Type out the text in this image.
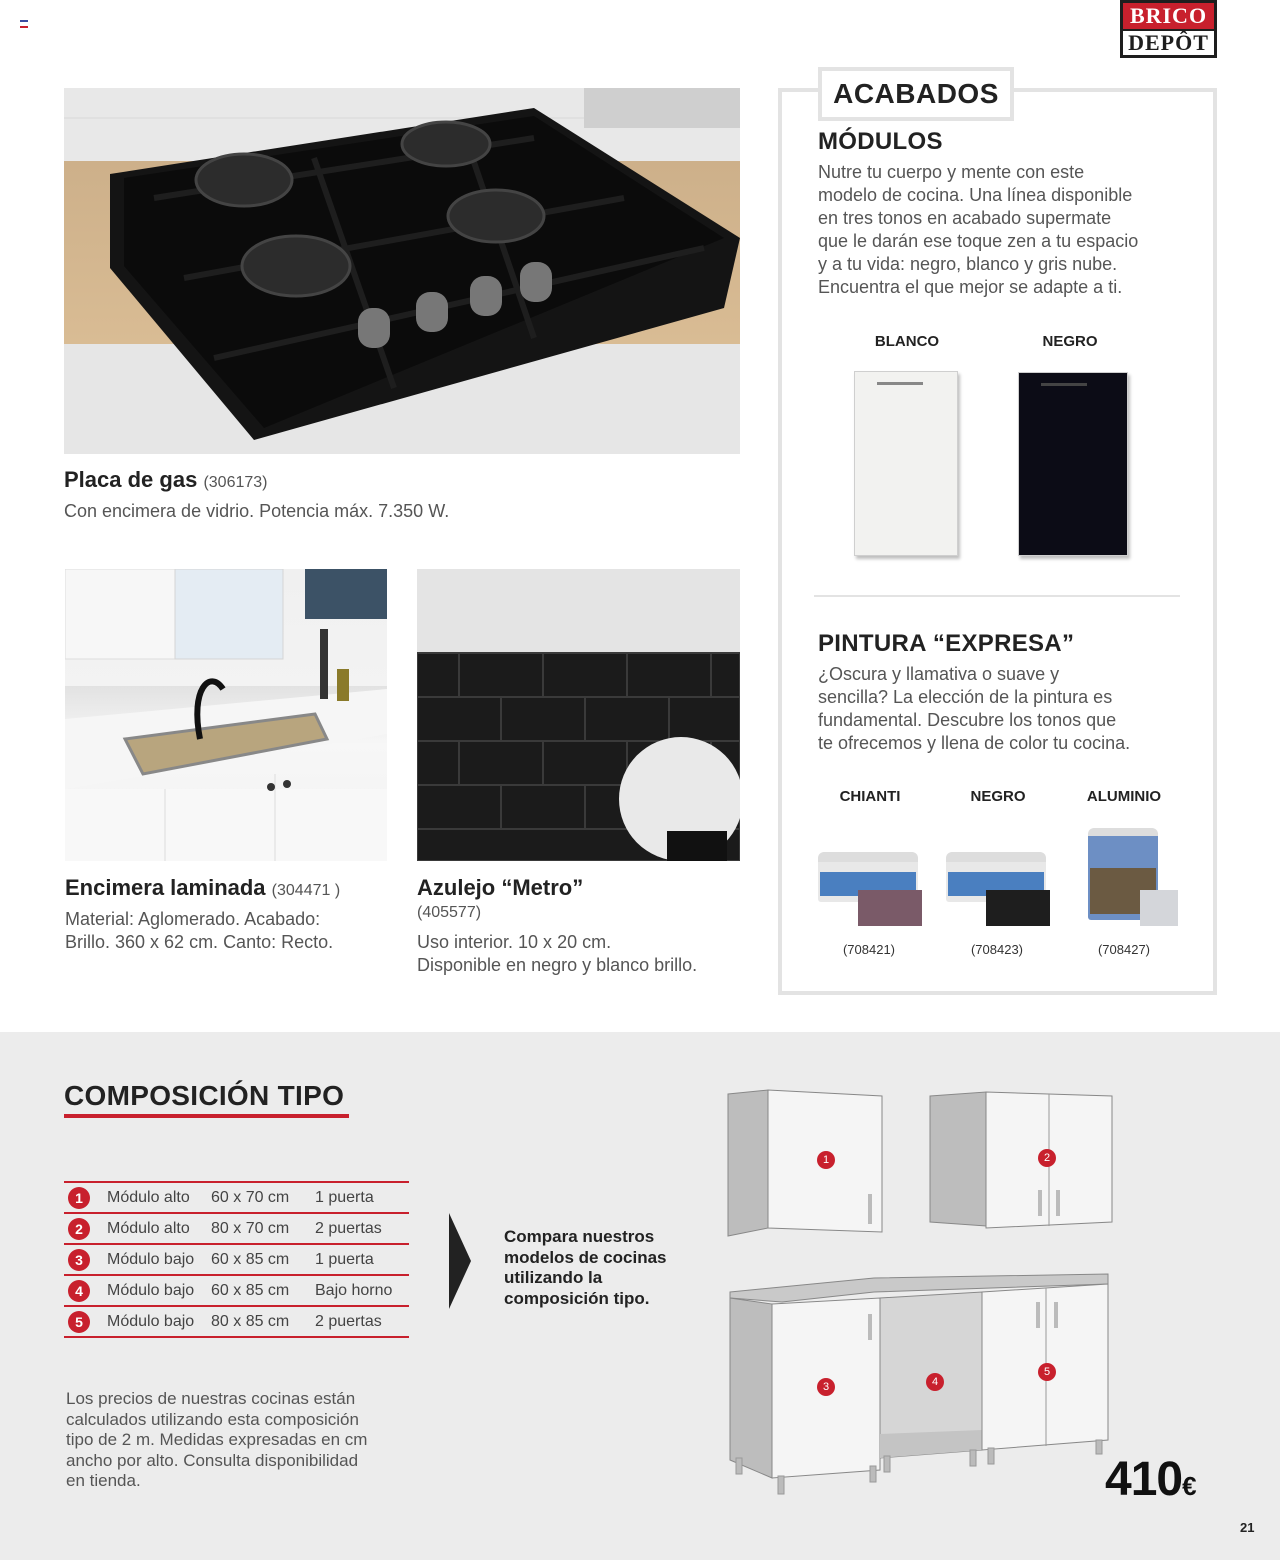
BRICO
DEPÔT
Placa de gas (306173)
Con encimera de vidrio. Potencia máx. 7.350 W.
Encimera laminada (304471 )
Material: Aglomerado. Acabado:
Brillo. 360 x 62 cm. Canto: Recto.
Azulejo “Metro”
(405577)
Uso interior. 10 x 20 cm.
Disponible en negro y blanco brillo.
ACABADOS
MÓDULOS
Nutre tu cuerpo y mente con este
modelo de cocina. Una línea disponible
en tres tonos en acabado supermate
que le darán ese toque zen a tu espacio
y a tu vida: negro, blanco y gris nube.
Encuentra el que mejor se adapte a ti.
BLANCO	NEGRO
PINTURA “EXPRESA”
¿Oscura y llamativa o suave y
sencilla? La elección de la pintura es
fundamental. Descubre los tonos que
te ofrecemos y llena de color tu cocina.
CHIANTI	NEGRO	ALUMINIO
(708421)	(708423)	(708427)
COMPOSICIÓN TIPO
1	Módulo alto	60 x 70 cm	1 puerta
2	Módulo alto	80 x 70 cm	2 puertas
3	Módulo bajo	60 x 85 cm	1 puerta
4	Módulo bajo	60 x 85 cm	Bajo horno
5	Módulo bajo	80 x 85 cm	2 puertas
Los precios de nuestras cocinas están
calculados utilizando esta composición
tipo de 2 m. Medidas expresadas en cm
ancho por alto. Consulta disponibilidad
en tienda.
Compara nuestros
modelos de cocinas
utilizando la
composición tipo.
1	2
3	4
5
410€
21
